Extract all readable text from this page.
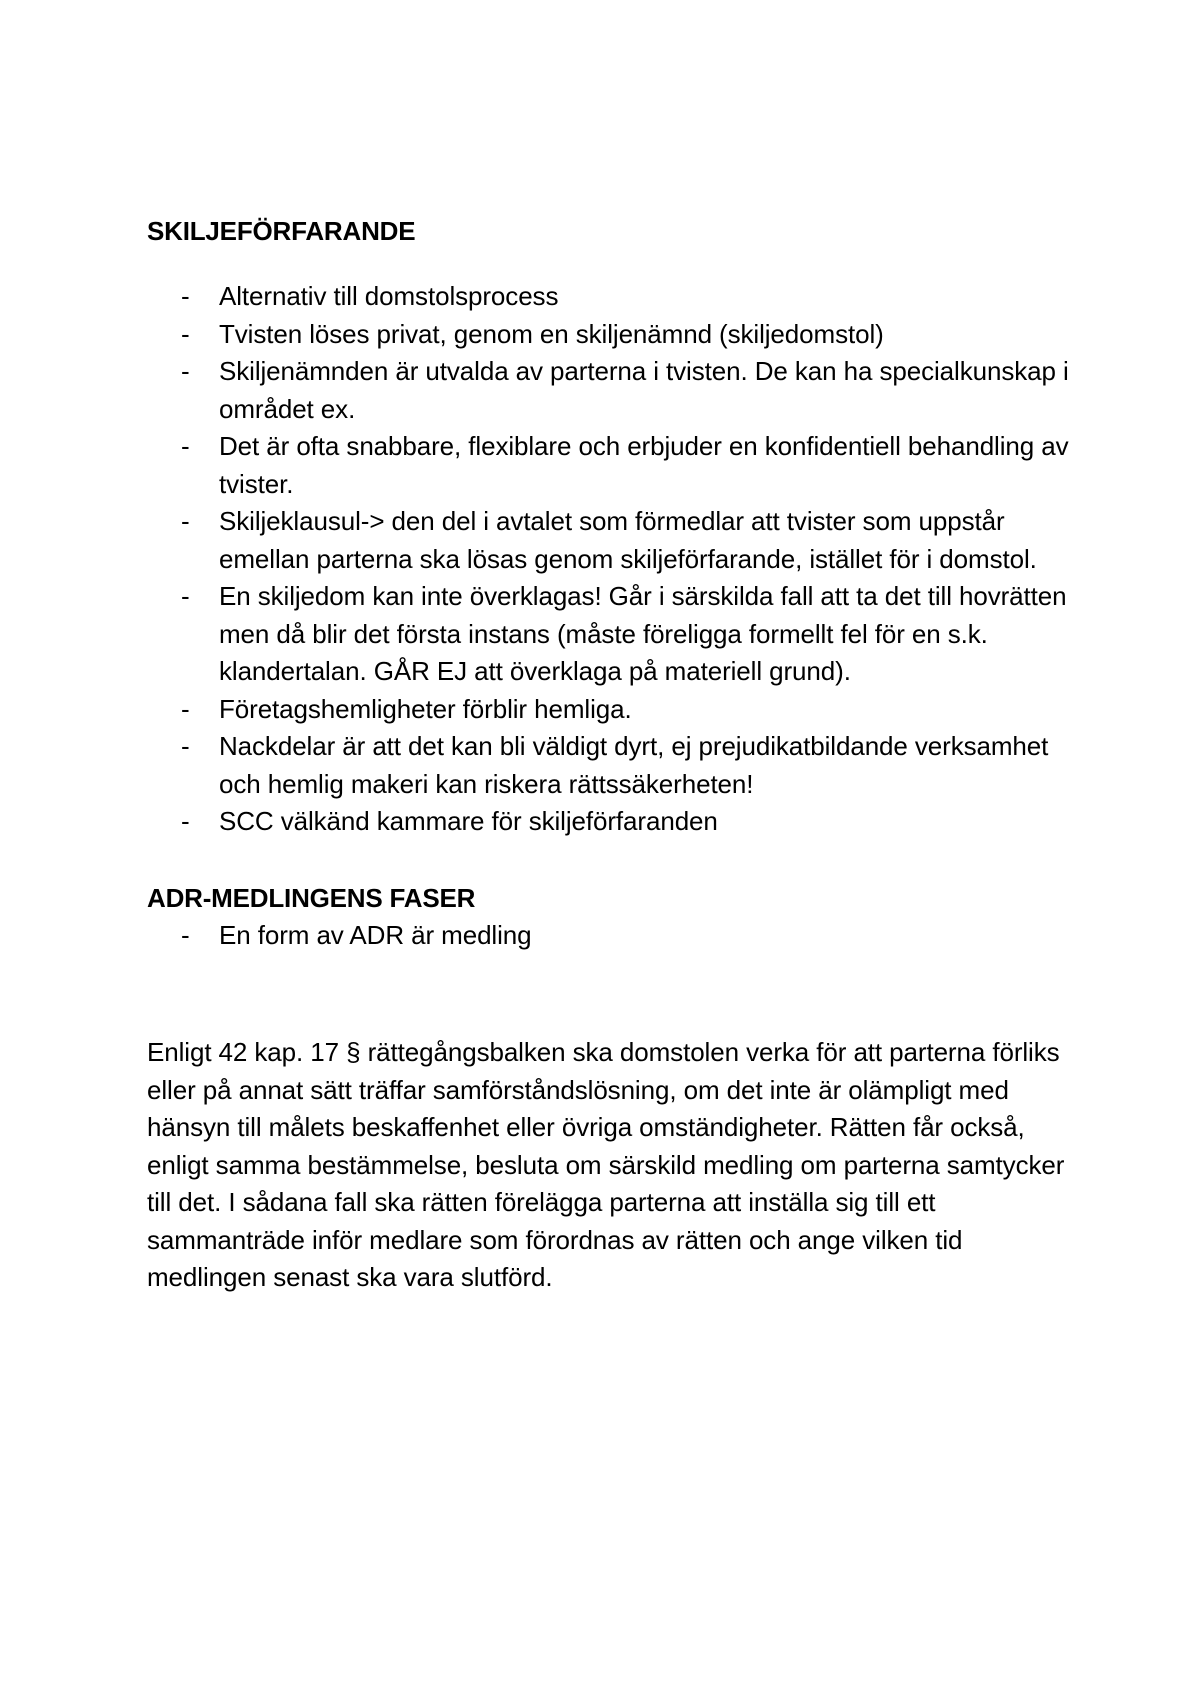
SKILJEFÖRFARANDE
- Alternativ till domstolsprocess
- Tvisten löses privat, genom en skiljenämnd (skiljedomstol)
- Skiljenämnden är utvalda av parterna i tvisten. De kan ha specialkunskap i området ex.
- Det är ofta snabbare, flexiblare och erbjuder en konfidentiell behandling av tvister.
- Skiljeklausul-> den del i avtalet som förmedlar att tvister som uppstår emellan parterna ska lösas genom skiljeförfarande, istället för i domstol.
- En skiljedom kan inte överklagas! Går i särskilda fall att ta det till hovrätten men då blir det första instans (måste föreligga formellt fel för en s.k. klandertalan. GÅR EJ att överklaga på materiell grund).
- Företagshemligheter förblir hemliga.
- Nackdelar är att det kan bli väldigt dyrt, ej prejudikatbildande verksamhet och hemlig makeri kan riskera rättssäkerheten!
- SCC välkänd kammare för skiljeförfaranden
ADR-MEDLINGENS FASER
- En form av ADR är medling

Enligt 42 kap. 17 § rättegångsbalken ska domstolen verka för att parterna förliks eller på annat sätt träffar samförståndslösning, om det inte är olämpligt med hänsyn till målets beskaffenhet eller övriga omständigheter. Rätten får också, enligt samma bestämmelse, besluta om särskild medling om parterna samtycker till det. I sådana fall ska rätten förelägga parterna att inställa sig till ett sammanträde inför medlare som förordnas av rätten och ange vilken tid medlingen senast ska vara slutförd.
